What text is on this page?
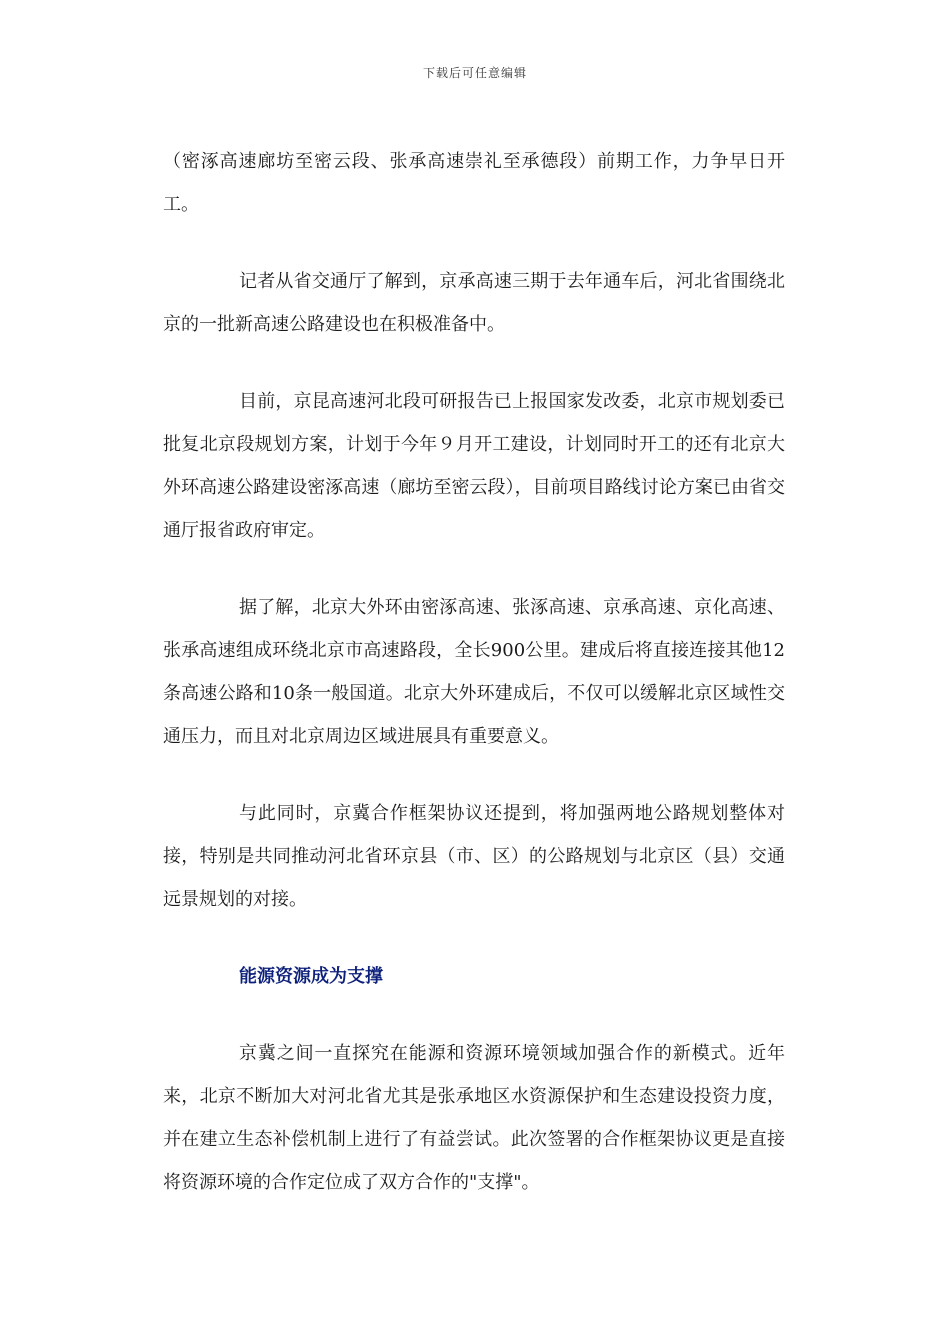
下载后可任意编辑

（密涿高速廊坊至密云段、张承高速崇礼至承德段）前期工作，力争早日开工。

记者从省交通厅了解到，京承高速三期于去年通车后，河北省围绕北京的一批新高速公路建设也在积极准备中。

目前，京昆高速河北段可研报告已上报国家发改委，北京市规划委已批复北京段规划方案，计划于今年９月开工建设，计划同时开工的还有北京大外环高速公路建设密涿高速（廊坊至密云段），目前项目路线讨论方案已由省交通厅报省政府审定。

据了解，北京大外环由密涿高速、张涿高速、京承高速、京化高速、张承高速组成环绕北京市高速路段，全长900公里。建成后将直接连接其他12条高速公路和10条一般国道。北京大外环建成后，不仅可以缓解北京区域性交通压力，而且对北京周边区域进展具有重要意义。

与此同时，京冀合作框架协议还提到，将加强两地公路规划整体对接，特别是共同推动河北省环京县（市、区）的公路规划与北京区（县）交通远景规划的对接。

能源资源成为支撑

京冀之间一直探究在能源和资源环境领域加强合作的新模式。近年来，北京不断加大对河北省尤其是张承地区水资源保护和生态建设投资力度，并在建立生态补偿机制上进行了有益尝试。此次签署的合作框架协议更是直接将资源环境的合作定位成了双方合作的"支撑"。
